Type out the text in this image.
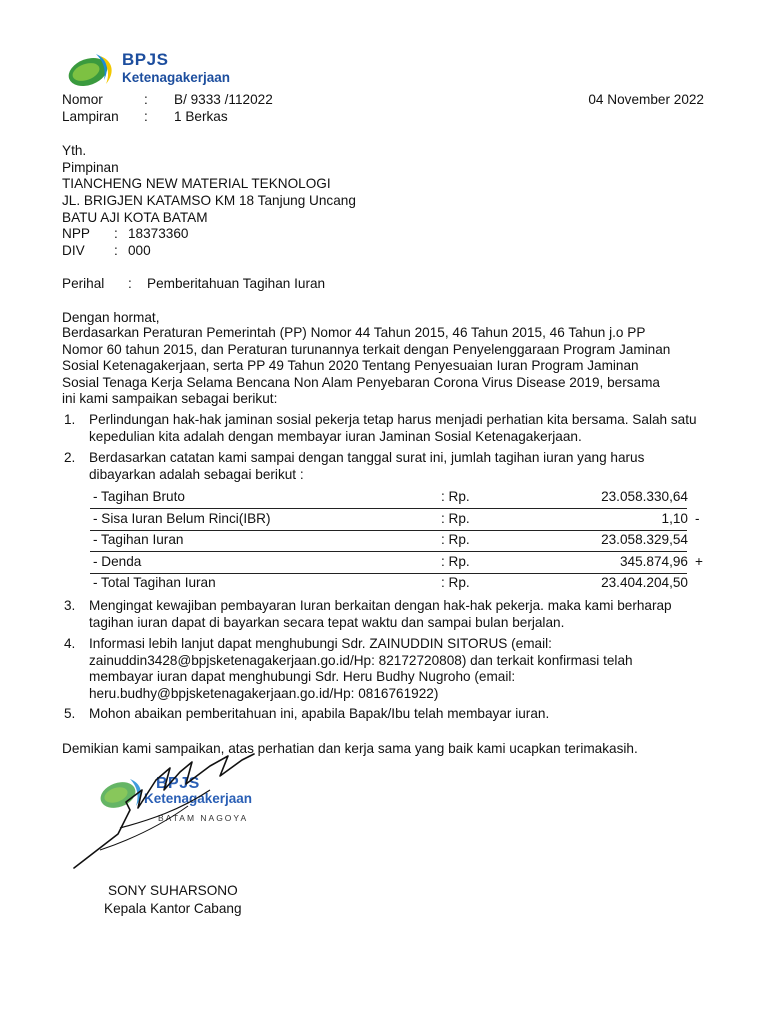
BPJS
Ketenagakerjaan
Nomor	: B/ 9333 /112022
Lampiran : 1 Berkas
04 November 2022
Yth.
Pimpinan
TIANCHENG NEW MATERIAL TEKNOLOGI
JL. BRIGJEN KATAMSO KM 18 Tanjung Uncang
BATU AJI KOTA BATAM
NPP : 18373360
DIV : 000
Perihal : Pemberitahuan Tagihan Iuran
Dengan hormat,
Berdasarkan Peraturan Pemerintah (PP) Nomor 44 Tahun 2015, 46 Tahun 2015, 46 Tahun j.o PP
Nomor 60 tahun 2015, dan Peraturan turunannya terkait dengan Penyelenggaraan Program Jaminan
Sosial Ketenagakerjaan, serta PP 49 Tahun 2020 Tentang Penyesuaian Iuran Program Jaminan
Sosial Tenaga Kerja Selama Bencana Non Alam Penyebaran Corona Virus Disease 2019, bersama
ini kami sampaikan sebagai berikut:
1. Perlindungan hak-hak jaminan sosial pekerja tetap harus menjadi perhatian kita bersama. Salah satu
kepedulian kita adalah dengan membayar iuran Jaminan Sosial Ketenagakerjaan.
2. Berdasarkan catatan kami sampai dengan tanggal surat ini, jumlah tagihan iuran yang harus
dibayarkan adalah sebagai berikut :
- Tagihan Bruto	: Rp.	23.058.330,64
- Sisa Iuran Belum Rinci(IBR)	: Rp.	1,10 -
- Tagihan Iuran	: Rp.	23.058.329,54
- Denda	: Rp.	345.874,96 +
- Total Tagihan Iuran	: Rp.	23.404.204,50
3. Mengingat kewajiban pembayaran Iuran berkaitan dengan hak-hak pekerja. maka kami berharap
tagihan iuran dapat di bayarkan secara tepat waktu dan sampai bulan berjalan.
4. Informasi lebih lanjut dapat menghubungi Sdr. ZAINUDDIN SITORUS (email:
zainuddin3428@bpjsketenagakerjaan.go.id/Hp: 82172720808) dan terkait konfirmasi telah
membayar iuran dapat menghubungi Sdr. Heru Budhy Nugroho (email:
heru.budhy@bpjsketenagakerjaan.go.id/Hp: 0816761922)
5. Mohon abaikan pemberitahuan ini, apabila Bapak/Ibu telah membayar iuran.
Demikian kami sampaikan, atas perhatian dan kerja sama yang baik kami ucapkan terimakasih.
BPJS
Ketenagakerjaan
BATAM NAGOYA
SONY SUHARSONO
Kepala Kantor Cabang
